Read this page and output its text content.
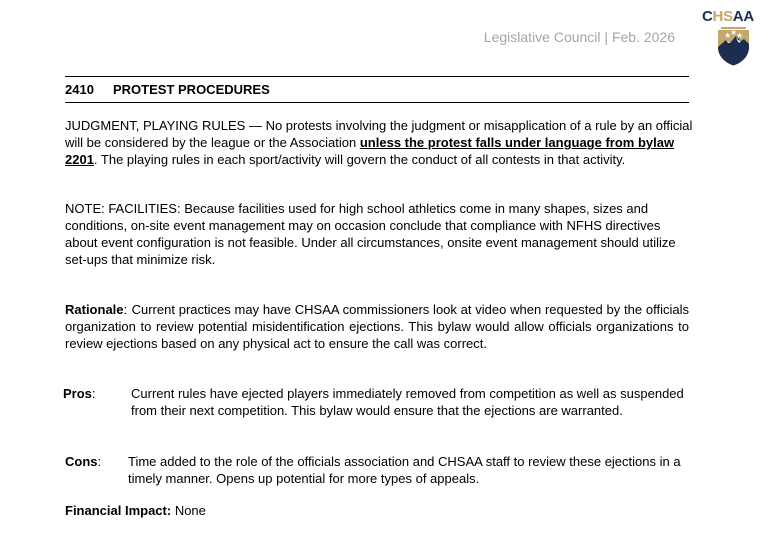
Legislative Council | Feb. 2026
CHSAA
★
★
★
2410 PROTEST PROCEDURES
JUDGMENT, PLAYING RULES — No protests involving the judgment or misapplication of a rule by an official will be considered by the league or the Association unless the protest falls under language from bylaw 2201. The playing rules in each sport/activity will govern the conduct of all contests in that activity.
NOTE: FACILITIES: Because facilities used for high school athletics come in many shapes, sizes and conditions, on-site event management may on occasion conclude that compliance with NFHS directives about event configuration is not feasible. Under all circumstances, onsite event management should utilize set-ups that minimize risk.
Current practices may have CHSAA commissioners look at video when requested by the officials organization to review potential misidentification ejections. This bylaw would allow officials organizations to review ejections based on any physical act to ensure the call was correct.
Rationale:
Pros:	Current rules have ejected players immediately removed from competition as well as suspended from their next competition. This bylaw would ensure that the ejections are warranted.
Cons: Time added to the role of the officials association and CHSAA staff to review these ejections in a timely manner. Opens up potential for more types of appeals.
Financial Impact: None
